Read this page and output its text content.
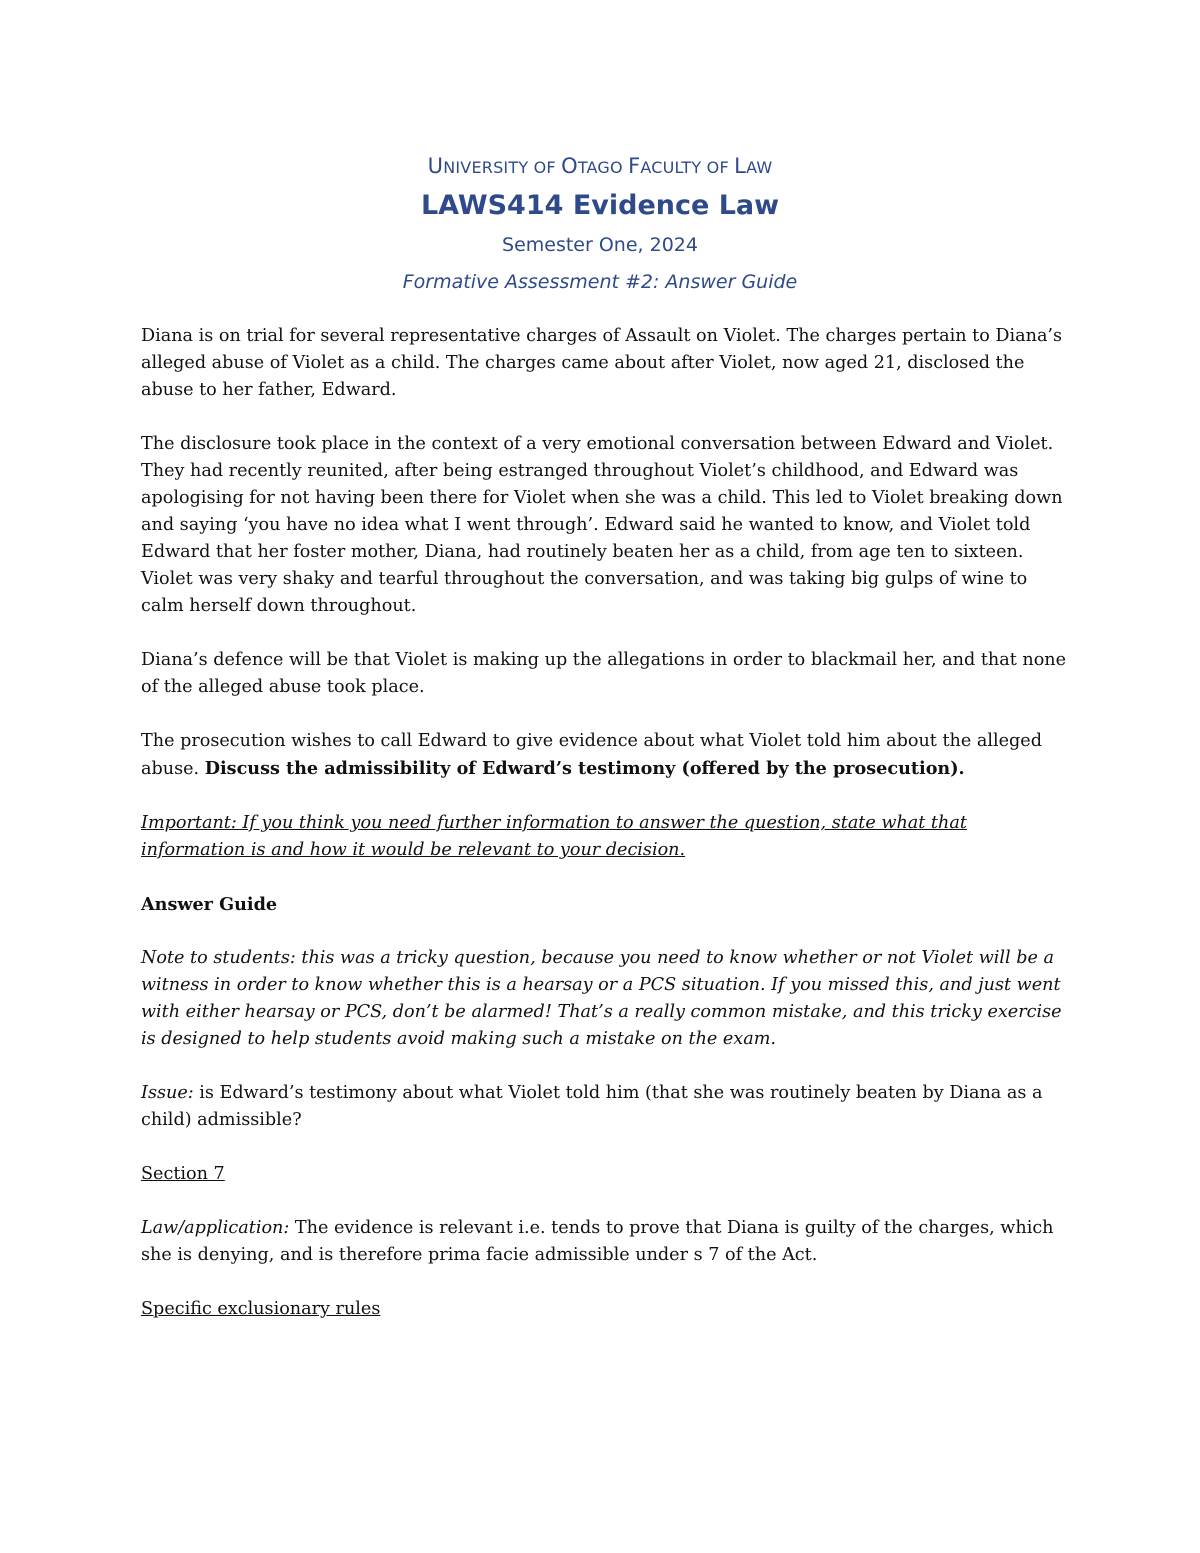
UNIVERSITY OF OTAGO FACULTY OF LAW
LAWS414 Evidence Law
Semester One, 2024
Formative Assessment #2: Answer Guide

Diana is on trial for several representative charges of Assault on Violet. The charges pertain to Diana’s alleged abuse of Violet as a child. The charges came about after Violet, now aged 21, disclosed the abuse to her father, Edward.

The disclosure took place in the context of a very emotional conversation between Edward and Violet. They had recently reunited, after being estranged throughout Violet’s childhood, and Edward was apologising for not having been there for Violet when she was a child. This led to Violet breaking down and saying ‘you have no idea what I went through’. Edward said he wanted to know, and Violet told Edward that her foster mother, Diana, had routinely beaten her as a child, from age ten to sixteen. Violet was very shaky and tearful throughout the conversation, and was taking big gulps of wine to calm herself down throughout.

Diana’s defence will be that Violet is making up the allegations in order to blackmail her, and that none of the alleged abuse took place.

The prosecution wishes to call Edward to give evidence about what Violet told him about the alleged abuse. Discuss the admissibility of Edward’s testimony (offered by the prosecution).

Important: If you think you need further information to answer the question, state what that information is and how it would be relevant to your decision.

Answer Guide

Note to students: this was a tricky question, because you need to know whether or not Violet will be a witness in order to know whether this is a hearsay or a PCS situation. If you missed this, and just went with either hearsay or PCS, don’t be alarmed! That’s a really common mistake, and this tricky exercise is designed to help students avoid making such a mistake on the exam.

Issue: is Edward’s testimony about what Violet told him (that she was routinely beaten by Diana as a child) admissible?

Section 7

Law/application: The evidence is relevant i.e. tends to prove that Diana is guilty of the charges, which she is denying, and is therefore prima facie admissible under s 7 of the Act.

Specific exclusionary rules
